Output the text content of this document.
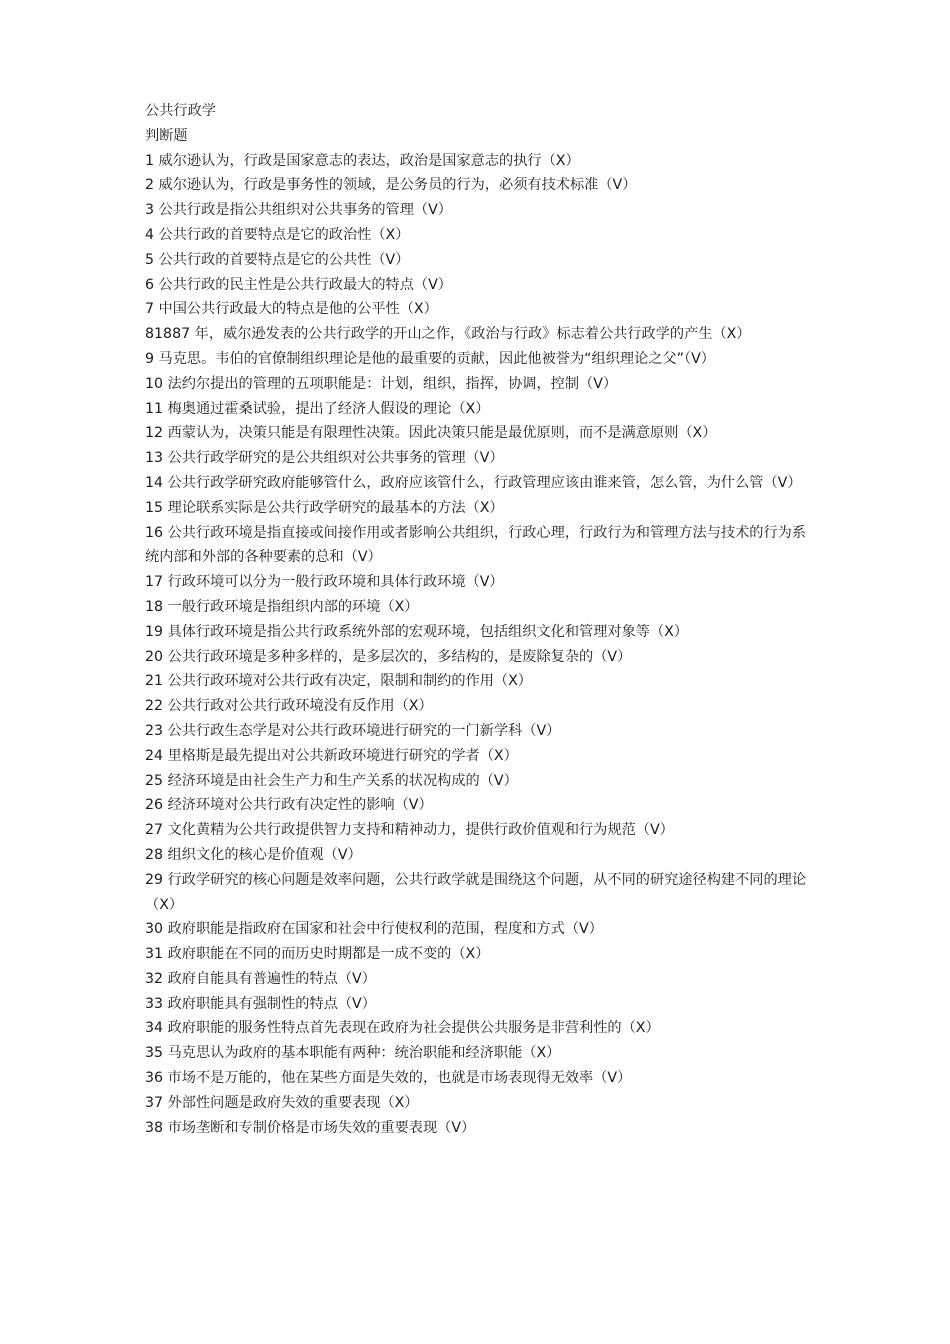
公共行政学

判断题

1 威尔逊认为，行政是国家意志的表达，政治是国家意志的执行（X）

2 威尔逊认为，行政是事务性的领域，是公务员的行为，必须有技术标准（V）

3 公共行政是指公共组织对公共事务的管理（V）

4 公共行政的首要特点是它的政治性（X）

5 公共行政的首要特点是它的公共性（V）

6 公共行政的民主性是公共行政最大的特点（V）

7 中国公共行政最大的特点是他的公平性（X）

81887 年，威尔逊发表的公共行政学的开山之作，《政治与行政》标志着公共行政学的产生（X）

9 马克思。韦伯的官僚制组织理论是他的最重要的贡献，因此他被誉为“组织理论之父”（V）

10 法约尔提出的管理的五项职能是：计划，组织，指挥，协调，控制（V）

11 梅奥通过霍桑试验，提出了经济人假设的理论（X）

12 西蒙认为，决策只能是有限理性决策。因此决策只能是最优原则，而不是满意原则（X）

13 公共行政学研究的是公共组织对公共事务的管理（V）

14 公共行政学研究政府能够管什么，政府应该管什么，行政管理应该由谁来管，怎么管，为什么管（V）

15 理论联系实际是公共行政学研究的最基本的方法（X）

16 公共行政环境是指直接或间接作用或者影响公共组织，行政心理，行政行为和管理方法与技术的行为系统内部和外部的各种要素的总和（V）

17 行政环境可以分为一般行政环境和具体行政环境（V）

18 一般行政环境是指组织内部的环境（X）

19 具体行政环境是指公共行政系统外部的宏观环境，包括组织文化和管理对象等（X）

20 公共行政环境是多种多样的，是多层次的，多结构的，是废除复杂的（V）

21 公共行政环境对公共行政有决定，限制和制约的作用（X）

22 公共行政对公共行政环境没有反作用（X）

23 公共行政生态学是对公共行政环境进行研究的一门新学科（V）

24 里格斯是最先提出对公共新政环境进行研究的学者（X）

25 经济环境是由社会生产力和生产关系的状况构成的（V）

26 经济环境对公共行政有决定性的影响（V）

27 文化黄精为公共行政提供智力支持和精神动力，提供行政价值观和行为规范（V）

28 组织文化的核心是价值观（V）

29 行政学研究的核心问题是效率问题，公共行政学就是围绕这个问题，从不同的研究途径构建不同的理论（X）

30 政府职能是指政府在国家和社会中行使权利的范围，程度和方式（V）

31 政府职能在不同的而历史时期都是一成不变的（X）

32 政府自能具有普遍性的特点（V）

33 政府职能具有强制性的特点（V）

34 政府职能的服务性特点首先表现在政府为社会提供公共服务是非营利性的（X）

35 马克思认为政府的基本职能有两种：统治职能和经济职能（X）

36 市场不是万能的，他在某些方面是失效的，也就是市场表现得无效率（V）

37 外部性问题是政府失效的重要表现（X）

38 市场垄断和专制价格是市场失效的重要表现（V）
